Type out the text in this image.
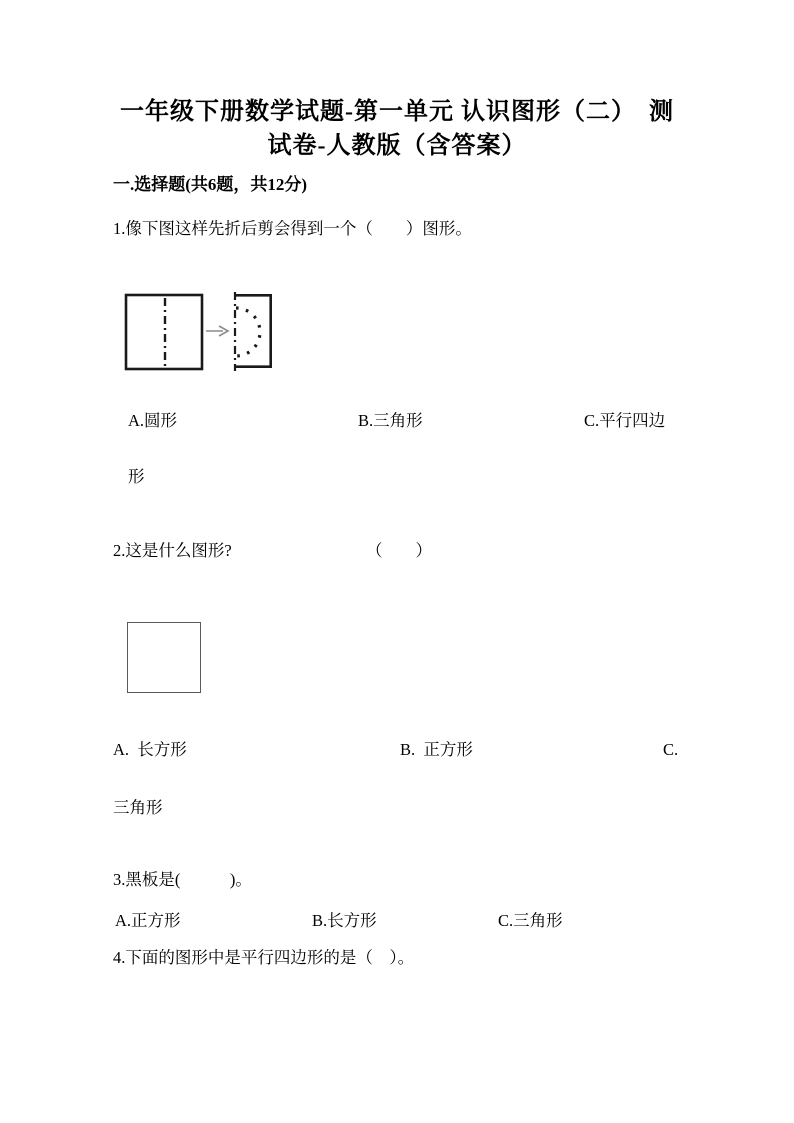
一年级下册数学试题-第一单元 认识图形（二）　测
试卷-人教版（含答案）
一.选择题(共6题，共12分)
1.像下图这样先折后剪会得到一个（　　）图形。
A.圆形	B.三角形	C.平行四边
形
2.这是什么图形?	（　　）
A.  长方形	B.  正方形	C.
三角形
3.黑板是(　　　)。
A.正方形	B.长方形	C.三角形
4.下面的图形中是平行四边形的是（　）。
